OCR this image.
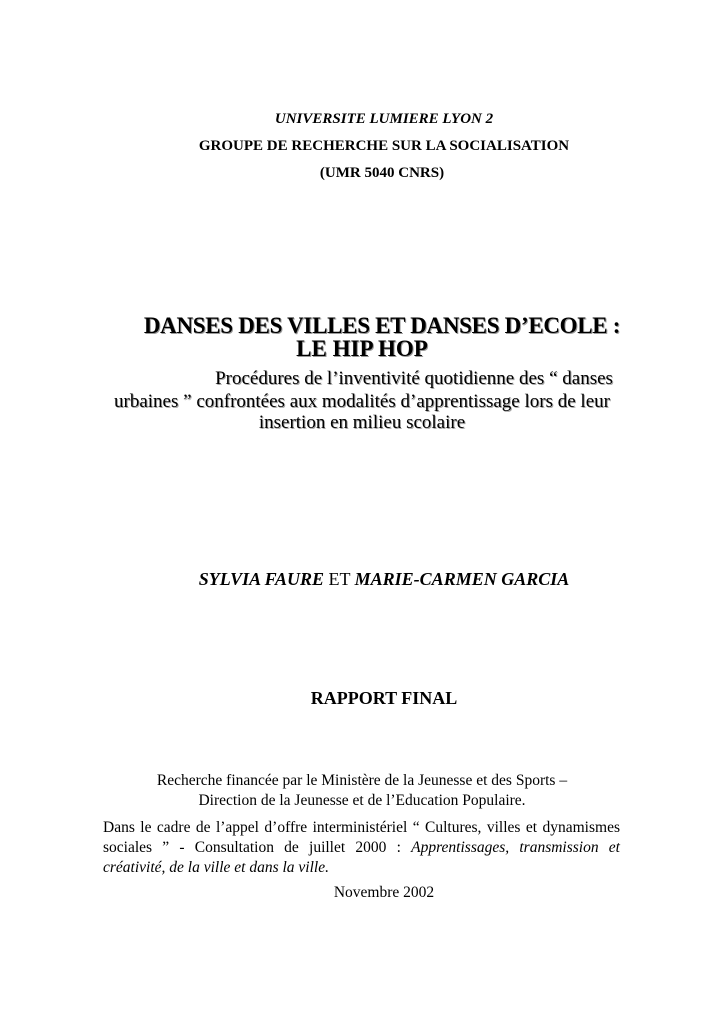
UNIVERSITE LUMIERE LYON 2
GROUPE DE RECHERCHE SUR LA SOCIALISATION
(UMR 5040 CNRS)
DANSES DES VILLES ET DANSES D’ECOLE :
LE HIP HOP
Procédures de l’inventivité quotidienne des “ danses
urbaines ” confrontées aux modalités d’apprentissage lors de leur
insertion en milieu scolaire
SYLVIA FAURE ET MARIE-CARMEN GARCIA
RAPPORT FINAL
Recherche financée par le Ministère de la Jeunesse et des Sports –
Direction de la Jeunesse et de l’Education Populaire.
Dans le cadre de l’appel d’offre interministériel “ Cultures, villes et dynamismes sociales ” - Consultation de juillet 2000 : Apprentissages, transmission et créativité, de la ville et dans la ville.
Novembre 2002
